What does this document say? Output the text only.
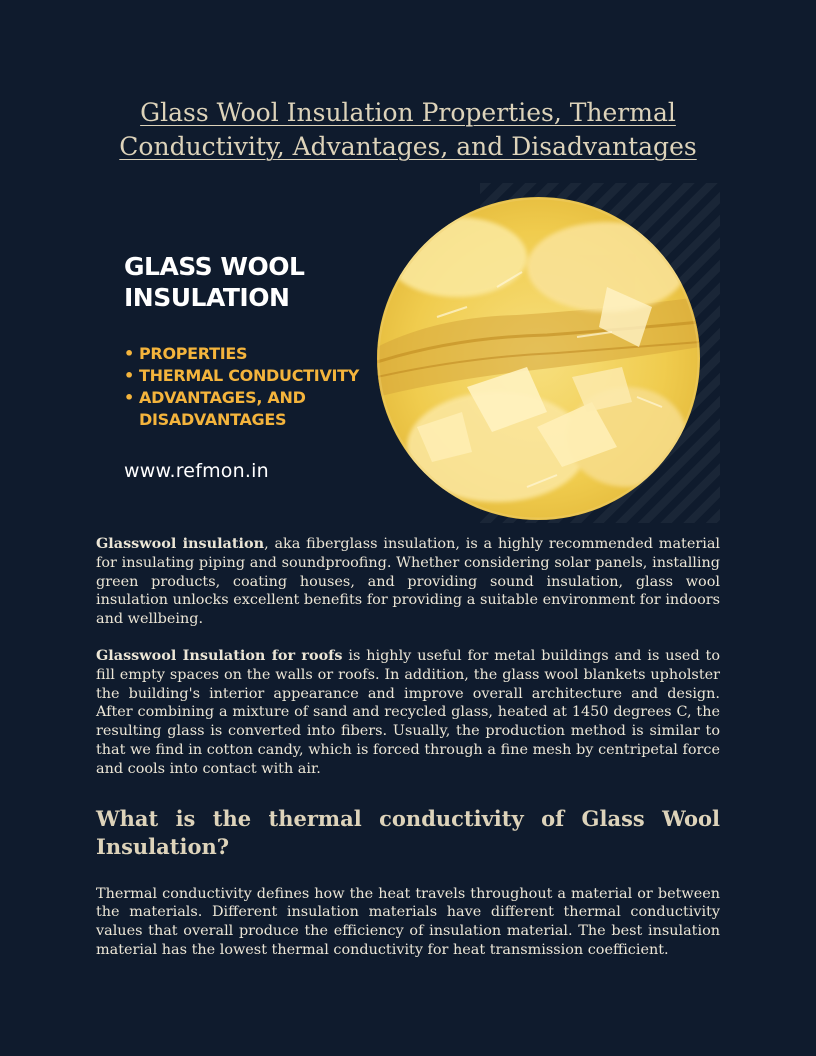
Glass Wool Insulation Properties, Thermal Conductivity, Advantages, and Disadvantages
GLASS WOOL
INSULATION
• PROPERTIES
• THERMAL CONDUCTIVITY
• ADVANTAGES, AND DISADVANTAGES
www.refmon.in

Glasswool insulation, aka fiberglass insulation, is a highly recommended material for insulating piping and soundproofing. Whether considering solar panels, installing green products, coating houses, and providing sound insulation, glass wool insulation unlocks excellent benefits for providing a suitable environment for indoors and wellbeing.

Glasswool Insulation for roofs is highly useful for metal buildings and is used to fill empty spaces on the walls or roofs. In addition, the glass wool blankets upholster the building's interior appearance and improve overall architecture and design. After combining a mixture of sand and recycled glass, heated at 1450 degrees C, the resulting glass is converted into fibers. Usually, the production method is similar to that we find in cotton candy, which is forced through a fine mesh by centripetal force and cools into contact with air.

What is the thermal conductivity of Glass Wool
Insulation?

Thermal conductivity defines how the heat travels throughout a material or between the materials. Different insulation materials have different thermal conductivity values that overall produce the efficiency of insulation material. The best insulation material has the lowest thermal conductivity for heat transmission coefficient.
